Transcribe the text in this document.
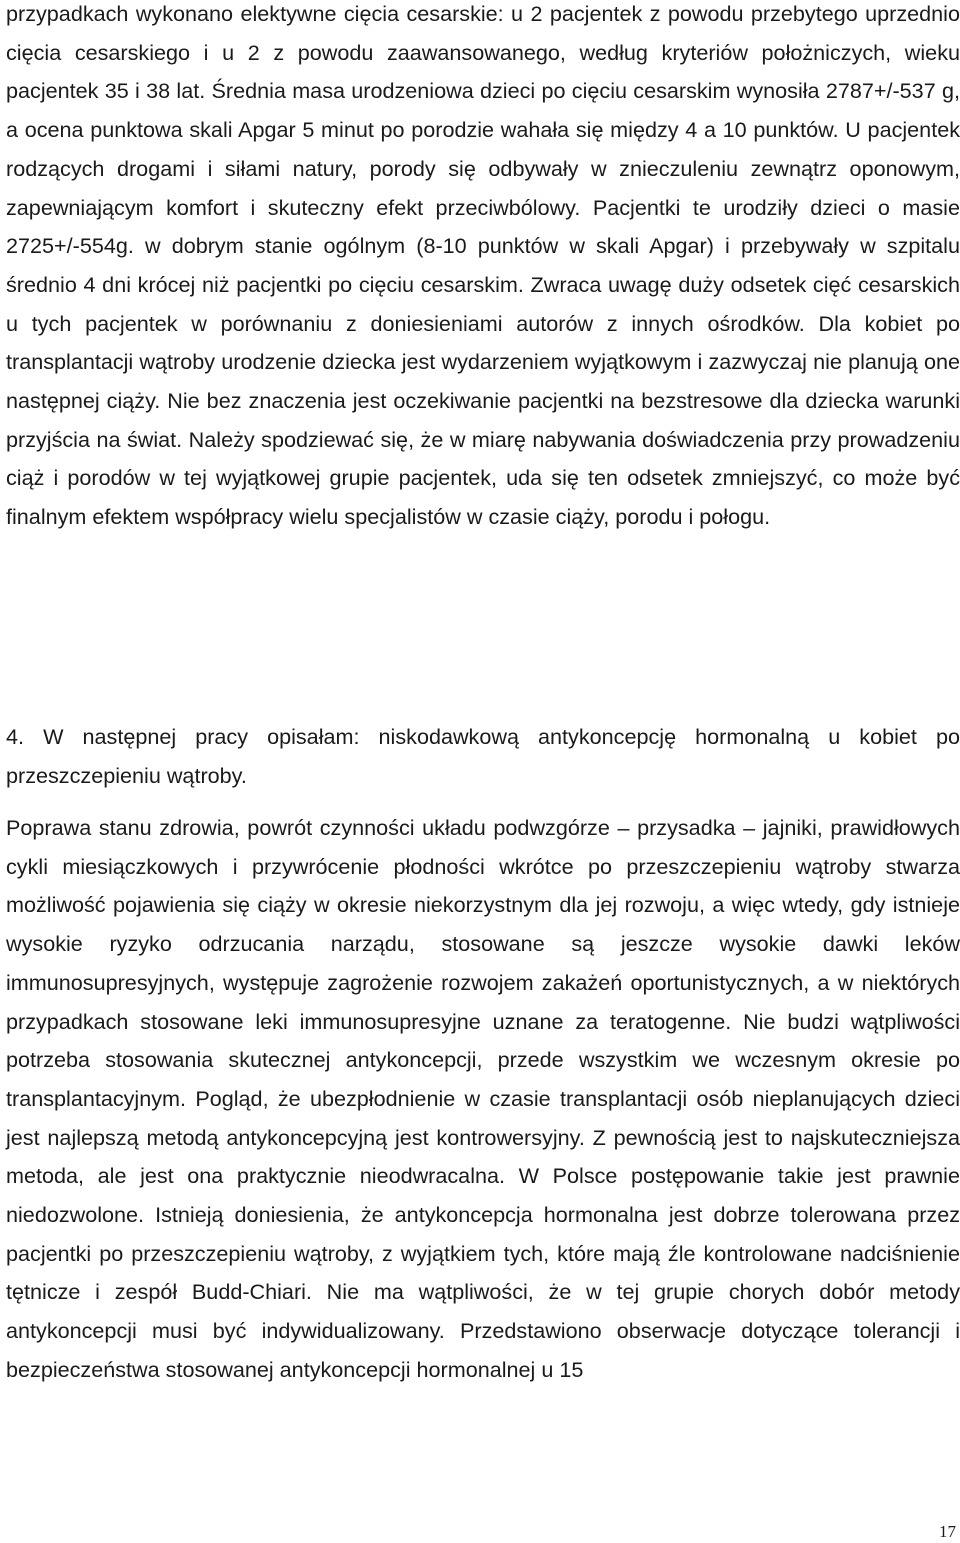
przypadkach wykonano elektywne cięcia cesarskie: u 2 pacjentek z powodu przebytego uprzednio cięcia cesarskiego i u 2 z powodu zaawansowanego, według kryteriów położniczych, wieku pacjentek 35 i 38 lat. Średnia masa urodzeniowa dzieci po cięciu cesarskim wynosiła 2787+/-537 g, a ocena punktowa skali Apgar 5 minut po porodzie wahała się między 4 a 10 punktów. U pacjentek rodzących drogami i siłami natury, porody się odbywały w znieczuleniu zewnątrz oponowym, zapewniającym komfort i skuteczny efekt przeciwbólowy. Pacjentki te urodziły dzieci o masie 2725+/-554g. w dobrym stanie ogólnym (8-10 punktów w skali Apgar) i przebywały w szpitalu średnio 4 dni krócej niż pacjentki po cięciu cesarskim. Zwraca uwagę duży odsetek cięć cesarskich u tych pacjentek w porównaniu z doniesieniami autorów z innych ośrodków. Dla kobiet po transplantacji wątroby urodzenie dziecka jest wydarzeniem wyjątkowym i zazwyczaj nie planują one następnej ciąży. Nie bez znaczenia jest oczekiwanie pacjentki na bezstresowe dla dziecka warunki przyjścia na świat. Należy spodziewać się, że w miarę nabywania doświadczenia przy prowadzeniu ciąż i porodów w tej wyjątkowej grupie pacjentek, uda się ten odsetek zmniejszyć, co może być finalnym efektem współpracy wielu specjalistów w czasie ciąży, porodu i połogu.

4. W następnej pracy opisałam: niskodawkową antykoncepcję hormonalną u kobiet po przeszczepieniu wątroby.

Poprawa stanu zdrowia, powrót czynności układu podwzgórze – przysadka – jajniki, prawidłowych cykli miesiączkowych i przywrócenie płodności wkrótce po przeszczepieniu wątroby stwarza możliwość pojawienia się ciąży w okresie niekorzystnym dla jej rozwoju, a więc wtedy, gdy istnieje wysokie ryzyko odrzucania narządu, stosowane są jeszcze wysokie dawki leków immunosupresyjnych, występuje zagrożenie rozwojem zakażeń oportunistycznych, a w niektórych przypadkach stosowane leki immunosupresyjne uznane za teratogenne. Nie budzi wątpliwości potrzeba stosowania skutecznej antykoncepcji, przede wszystkim we wczesnym okresie po transplantacyjnym. Pogląd, że ubezpłodnienie w czasie transplantacji osób nieplanujących dzieci jest najlepszą metodą antykoncepcyjną jest kontrowersyjny. Z pewnością jest to najskuteczniejsza metoda, ale jest ona praktycznie nieodwracalna. W Polsce postępowanie takie jest prawnie niedozwolone. Istnieją doniesienia, że antykoncepcja hormonalna jest dobrze tolerowana przez pacjentki po przeszczepieniu wątroby, z wyjątkiem tych, które mają źle kontrolowane nadciśnienie tętnicze i zespół Budd-Chiari. Nie ma wątpliwości, że w tej grupie chorych dobór metody antykoncepcji musi być indywidualizowany. Przedstawiono obserwacje dotyczące tolerancji i bezpieczeństwa stosowanej antykoncepcji hormonalnej u 15

17
